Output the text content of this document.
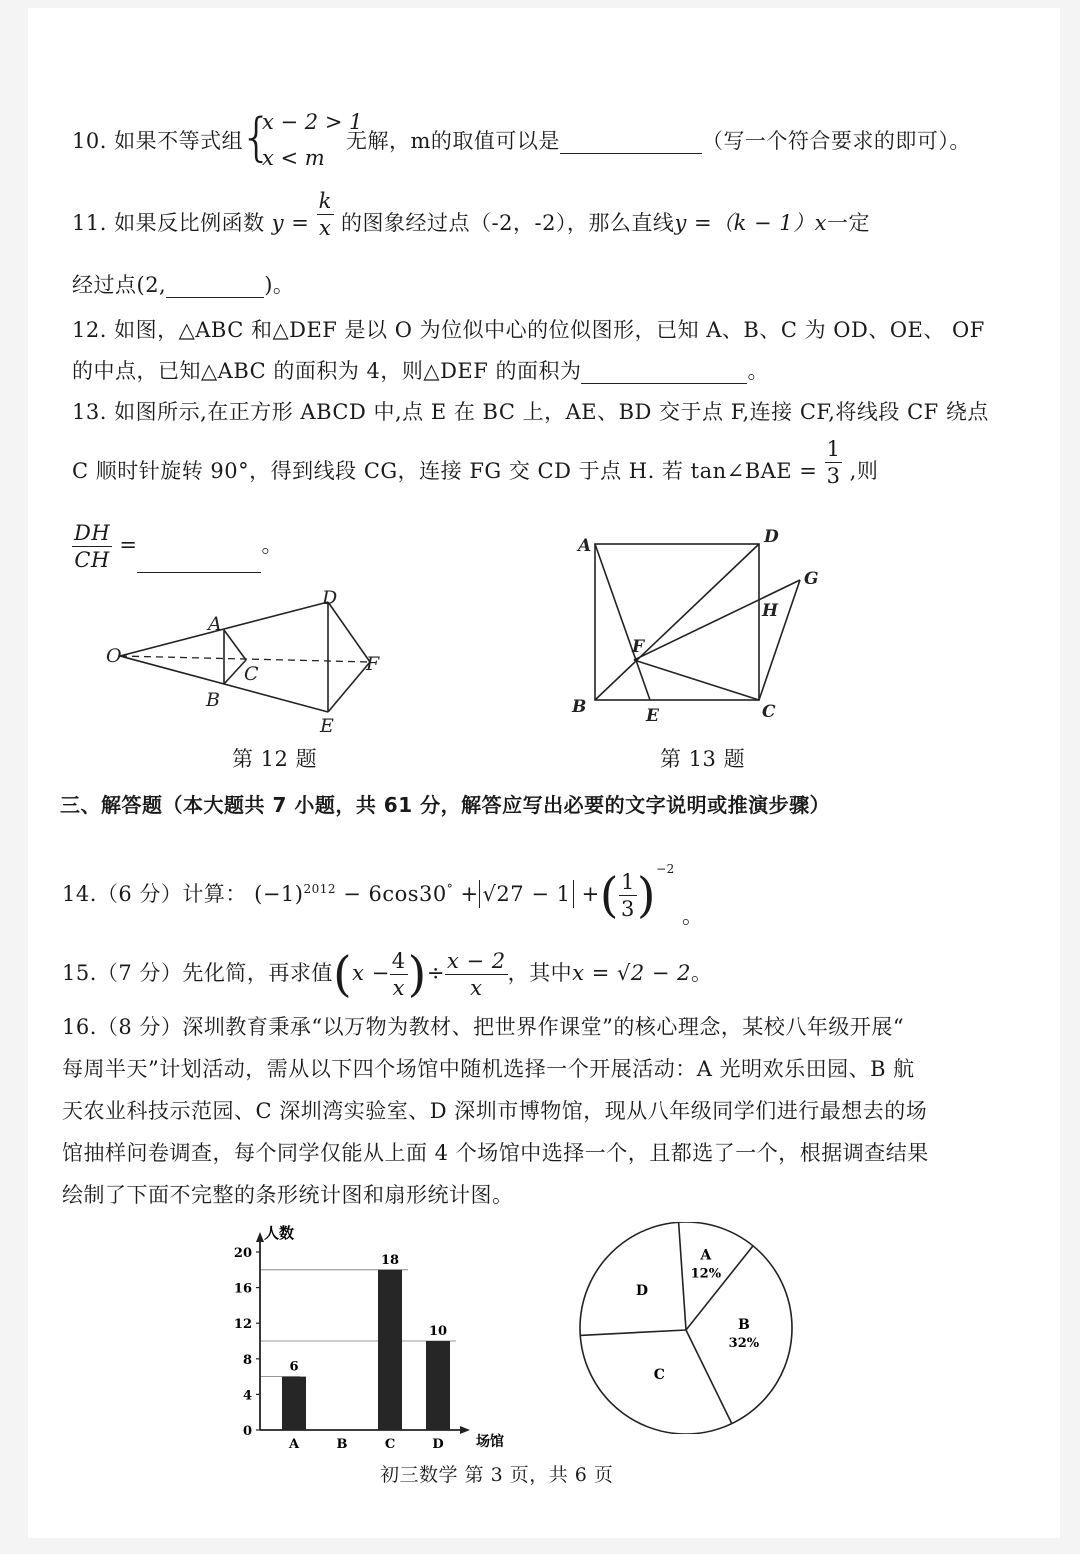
10. 如果不等式组
{
x − 2 > 1
x < m
无解，m的取值可以是	（写一个符合要求的即可）。
11. 如果反比例函数 $y = \frac{k}{x}$ 的图象经过点（-2，-2），那么直线y =（k − 1）x一定
经过点(2,	)。
12. 如图，△ABC 和△DEF 是以 O 为位似中心的位似图形，已知 A、B、C 为 OD、OE、 OF
的中点，已知△ABC 的面积为 4，则△DEF 的面积为	。
13. 如图所示,在正方形 ABCD 中,点 E 在 BC 上，AE、BD 交于点 F,连接 CF,将线段 CF 绕点
C 顺时针旋转 90°，得到线段 CG，连接 FG 交 CD 于点 H. 若 tan∠BAE = $\frac{1}{3}$ ,则
$\frac{DH}{CH}$ =	。
O
A
B
C
D
E
F
第 12 题
A	D
G
H
F
B	E	C
第 13 题
三、解答题（本大题共 7 小题，共 61 分，解答应写出必要的文字说明或推演步骤）
14.（6 分）计算： $(-1)^{2012} - 6\cos 30^\circ + √27 - 1$ +( $\frac{1}{3} )^{-2}$ 。
15.（7 分）先化简，再求值($x - \frac{4}{x}$ )÷ $\frac{x - 2}{x}$ ，其中x = √2 − 2。
16.（8 分）深圳教育秉承“以万物为教材、把世界作课堂”的核心理念，某校八年级开展“
每周半天”计划活动，需从以下四个场馆中随机选择一个开展活动：A 光明欢乐田园、B 航
天农业科技示范园、C 深圳湾实验室、D 深圳市博物馆，现从八年级同学们进行最想去的场
馆抽样问卷调查，每个同学仅能从上面 4 个场馆中选择一个，且都选了一个，根据调查结果
绘制了下面不完整的条形统计图和扇形统计图。
人数
场馆
0
4
8
12
16
20
6
A	B
18
C
10
D
A
12%
B
32%
C
D
初三数学 第 3 页，共 6 页
